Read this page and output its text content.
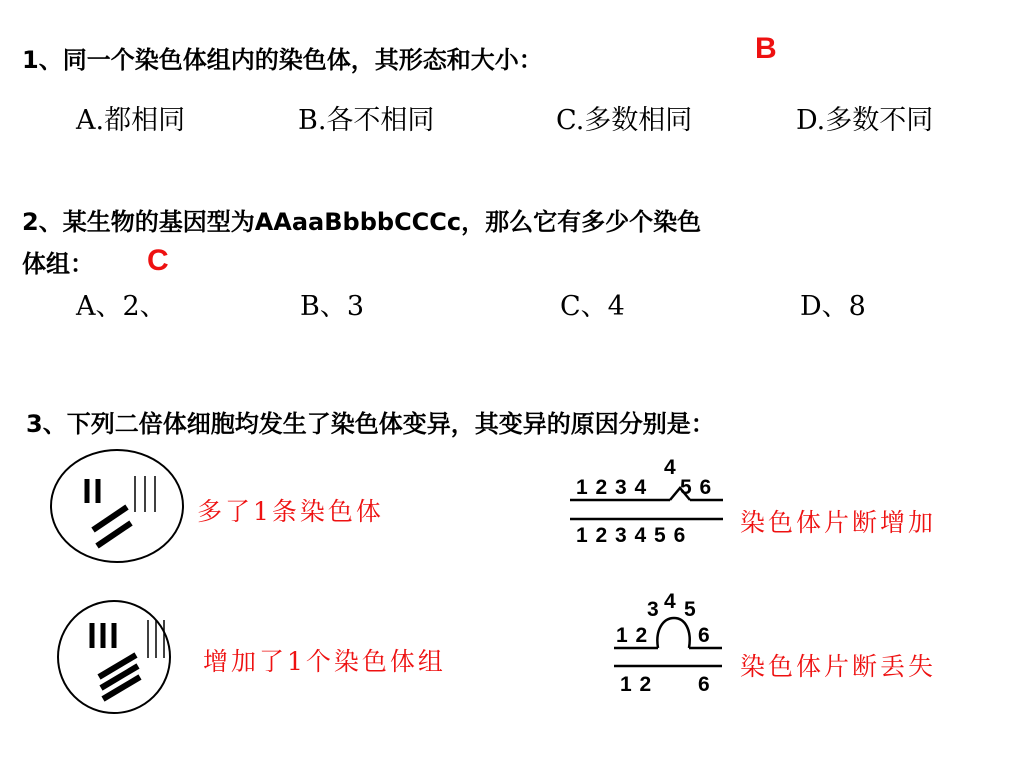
1、同一个染色体组内的染色体，其形态和大小：	B
A.都相同	B.各不相同	C.多数相同	D.多数不同
2、某生物的基因型为AAaaBbbbCCCc，那么它有多少个染色
体组： C
A、2、	B、3	C、4	D、8
3、下列二倍体细胞均发生了染色体变异，其变异的原因分别是：
多了1条染色体
增加了1个染色体组
染色体片断增加
染色体片断丢失
4
1 2 3 4 5 6
1 2 3 4 5 6
3 4 5
1 2 6
1 2 6
